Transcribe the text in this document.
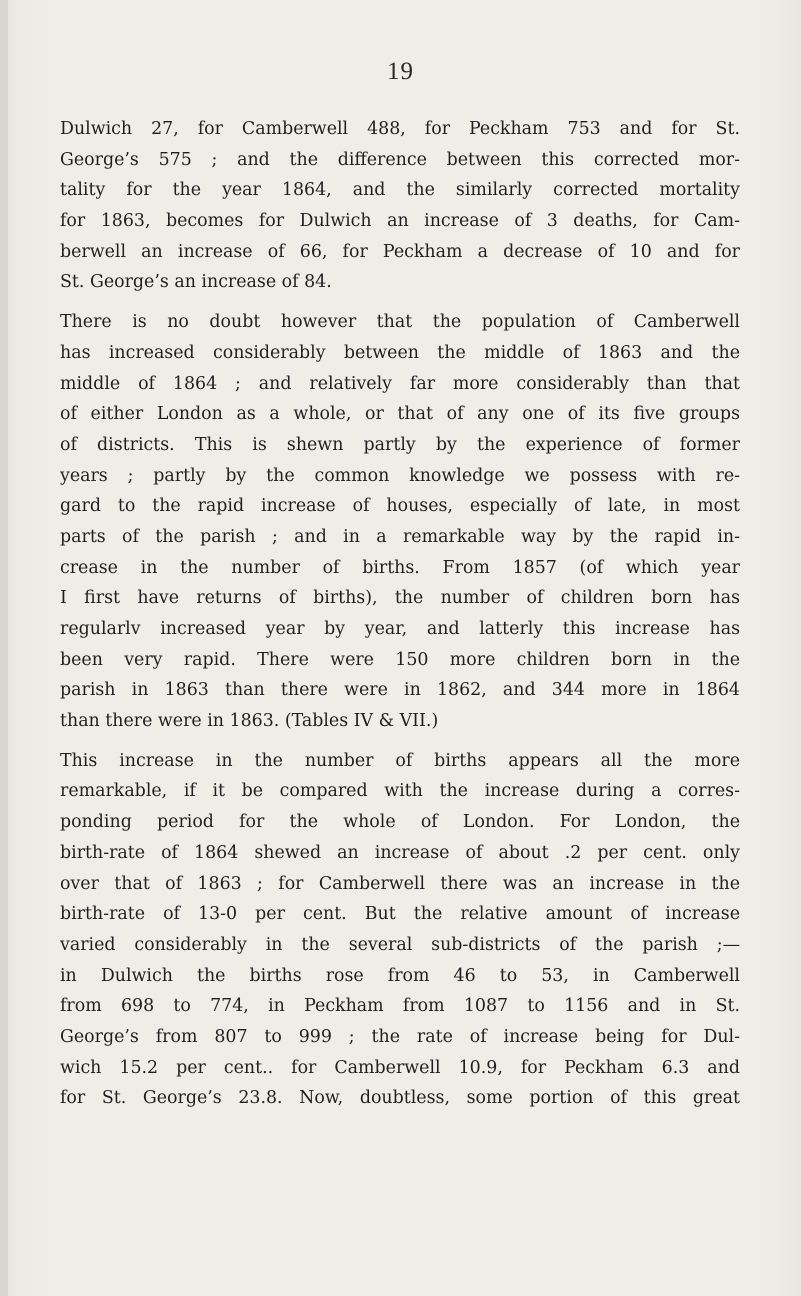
19
Dulwich 27, for Camberwell 488, for Peckham 753 and for St.
George’s 575 ; and the difference between this corrected mor-
tality for the year 1864, and the similarly corrected mortality
for 1863, becomes for Dulwich an increase of 3 deaths, for Cam-
berwell an increase of 66, for Peckham a decrease of 10 and for
St. George’s an increase of 84.
There is no doubt however that the population of Camberwell
has increased considerably between the middle of 1863 and the
middle of 1864 ; and relatively far more considerably than that
of either London as a whole, or that of any one of its five groups
of districts. This is shewn partly by the experience of former
years ; partly by the common knowledge we possess with re-
gard to the rapid increase of houses, especially of late, in most
parts of the parish ; and in a remarkable way by the rapid in-
crease in the number of births. From 1857 (of which year
I first have returns of births), the number of children born has
regularlv increased year by year, and latterly this increase has
been very rapid. There were 150 more children born in the
parish in 1863 than there were in 1862, and 344 more in 1864
than there were in 1863. (Tables IV & VII.)
This increase in the number of births appears all the more
remarkable, if it be compared with the increase during a corres-
ponding period for the whole of London. For London, the
birth-rate of 1864 shewed an increase of about .2 per cent. only
over that of 1863 ; for Camberwell there was an increase in the
birth-rate of 13-0 per cent. But the relative amount of increase
varied considerably in the several sub-districts of the parish ;—
in Dulwich the births rose from 46 to 53, in Camberwell
from 698 to 774, in Peckham from 1087 to 1156 and in St.
George’s from 807 to 999 ; the rate of increase being for Dul-
wich 15.2 per cent.. for Camberwell 10.9, for Peckham 6.3 and
for St. George’s 23.8. Now, doubtless, some portion of this great
